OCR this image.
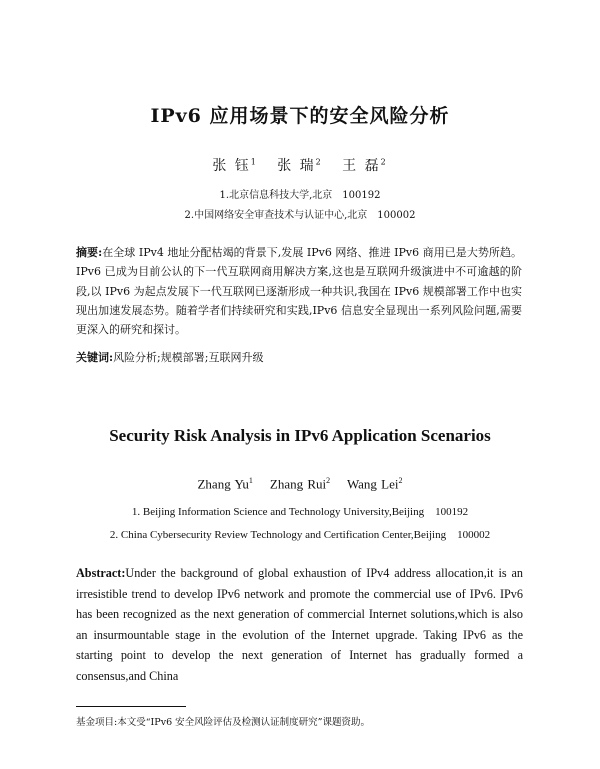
IPv6 应用场景下的安全风险分析
张 钰$^1$ 张 瑞$^2$ 王 磊$^2$
1.北京信息科技大学,北京　100192
2.中国网络安全审查技术与认证中心,北京　100002
摘要:在全球 IPv4 地址分配枯竭的背景下,发展 IPv6 网络、推进 IPv6 商用已是大势所趋。IPv6 已成为目前公认的下一代互联网商用解决方案,这也是互联网升级演进中不可逾越的阶段,以 IPv6 为起点发展下一代互联网已逐渐形成一种共识,我国在 IPv6 规模部署工作中也实现出加速发展态势。随着学者们持续研究和实践,IPv6 信息安全显现出一系列风险问题,需要更深入的研究和探讨。
关键词:风险分析;规模部署;互联网升级
Security Risk Analysis in IPv6 Application Scenarios
Zhang Yu$^1$ Zhang Rui$^2$ Wang Lei$^2$
1. Beijing Information Science and Technology University,Beijing　100192
2. China Cybersecurity Review Technology and Certification Center,Beijing　100002
Abstract:Under the background of global exhaustion of IPv4 address allocation,it is an irresistible trend to develop IPv6 network and promote the commercial use of IPv6. IPv6 has been recognized as the next generation of commercial Internet solutions,which is also an insurmountable stage in the evolution of the Internet upgrade. Taking IPv6 as the starting point to develop the next generation of Internet has gradually formed a consensus,and China
基金项目:本文受“IPv6 安全风险评估及检测认证制度研究”课题资助。
